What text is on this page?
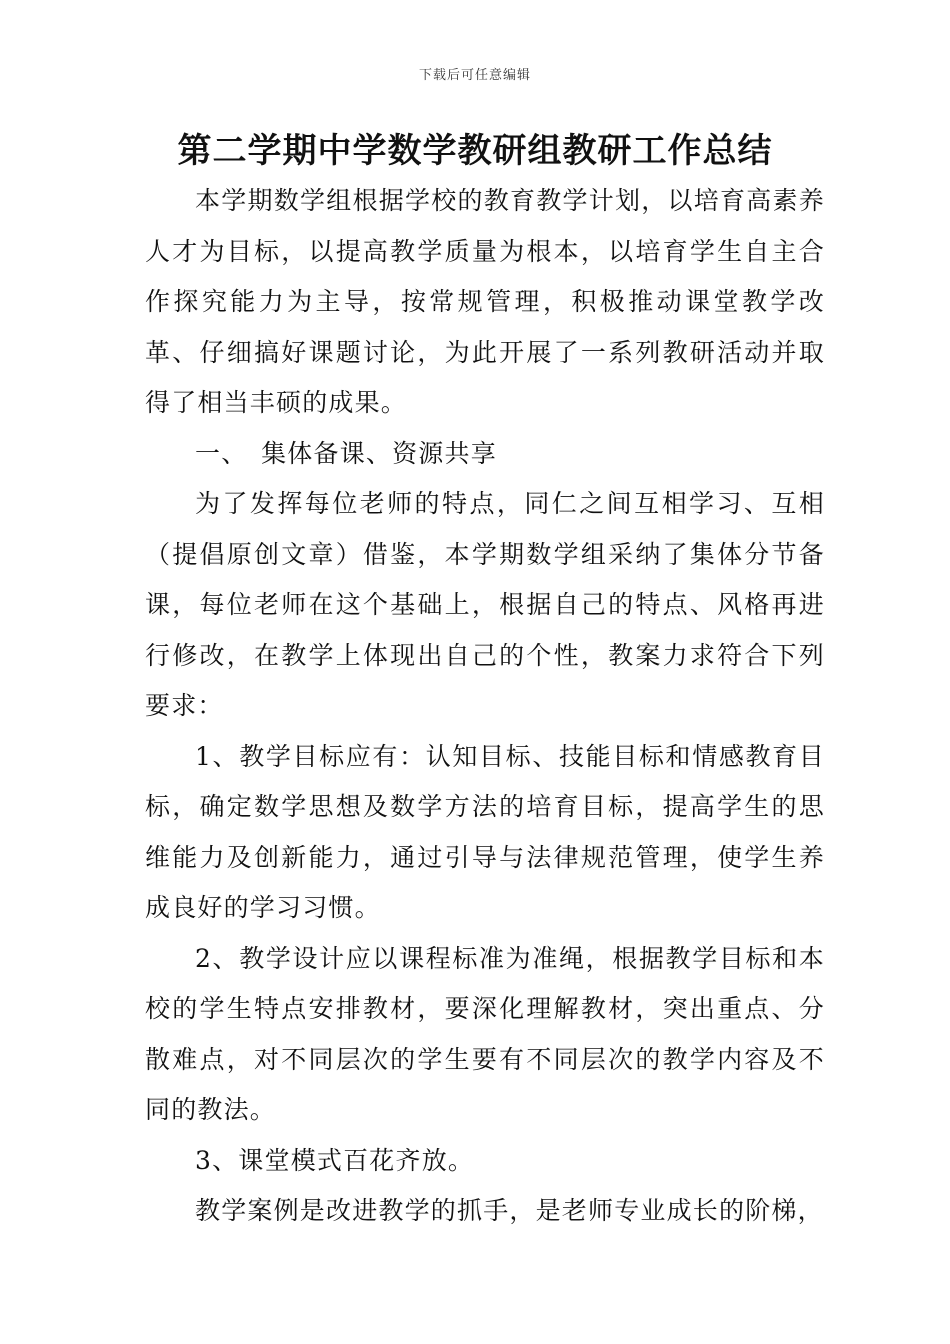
下载后可任意编辑
第二学期中学数学教研组教研工作总结

本学期数学组根据学校的教育教学计划，以培育高素养人才为目标，以提高教学质量为根本，以培育学生自主合作探究能力为主导，按常规管理，积极推动课堂教学改革、仔细搞好课题讨论，为此开展了一系列教研活动并取得了相当丰硕的成果。

一、　集体备课、资源共享

为了发挥每位老师的特点，同仁之间互相学习、互相（提倡原创文章）借鉴，本学期数学组采纳了集体分节备课，每位老师在这个基础上，根据自己的特点、风格再进行修改，在教学上体现出自己的个性，教案力求符合下列要求：

1、教学目标应有：认知目标、技能目标和情感教育目标，确定数学思想及数学方法的培育目标，提高学生的思维能力及创新能力，通过引导与法律规范管理，使学生养成良好的学习习惯。

2、教学设计应以课程标准为准绳，根据教学目标和本校的学生特点安排教材，要深化理解教材，突出重点、分散难点，对不同层次的学生要有不同层次的教学内容及不同的教法。

3、课堂模式百花齐放。

教学案例是改进教学的抓手，是老师专业成长的阶梯，
